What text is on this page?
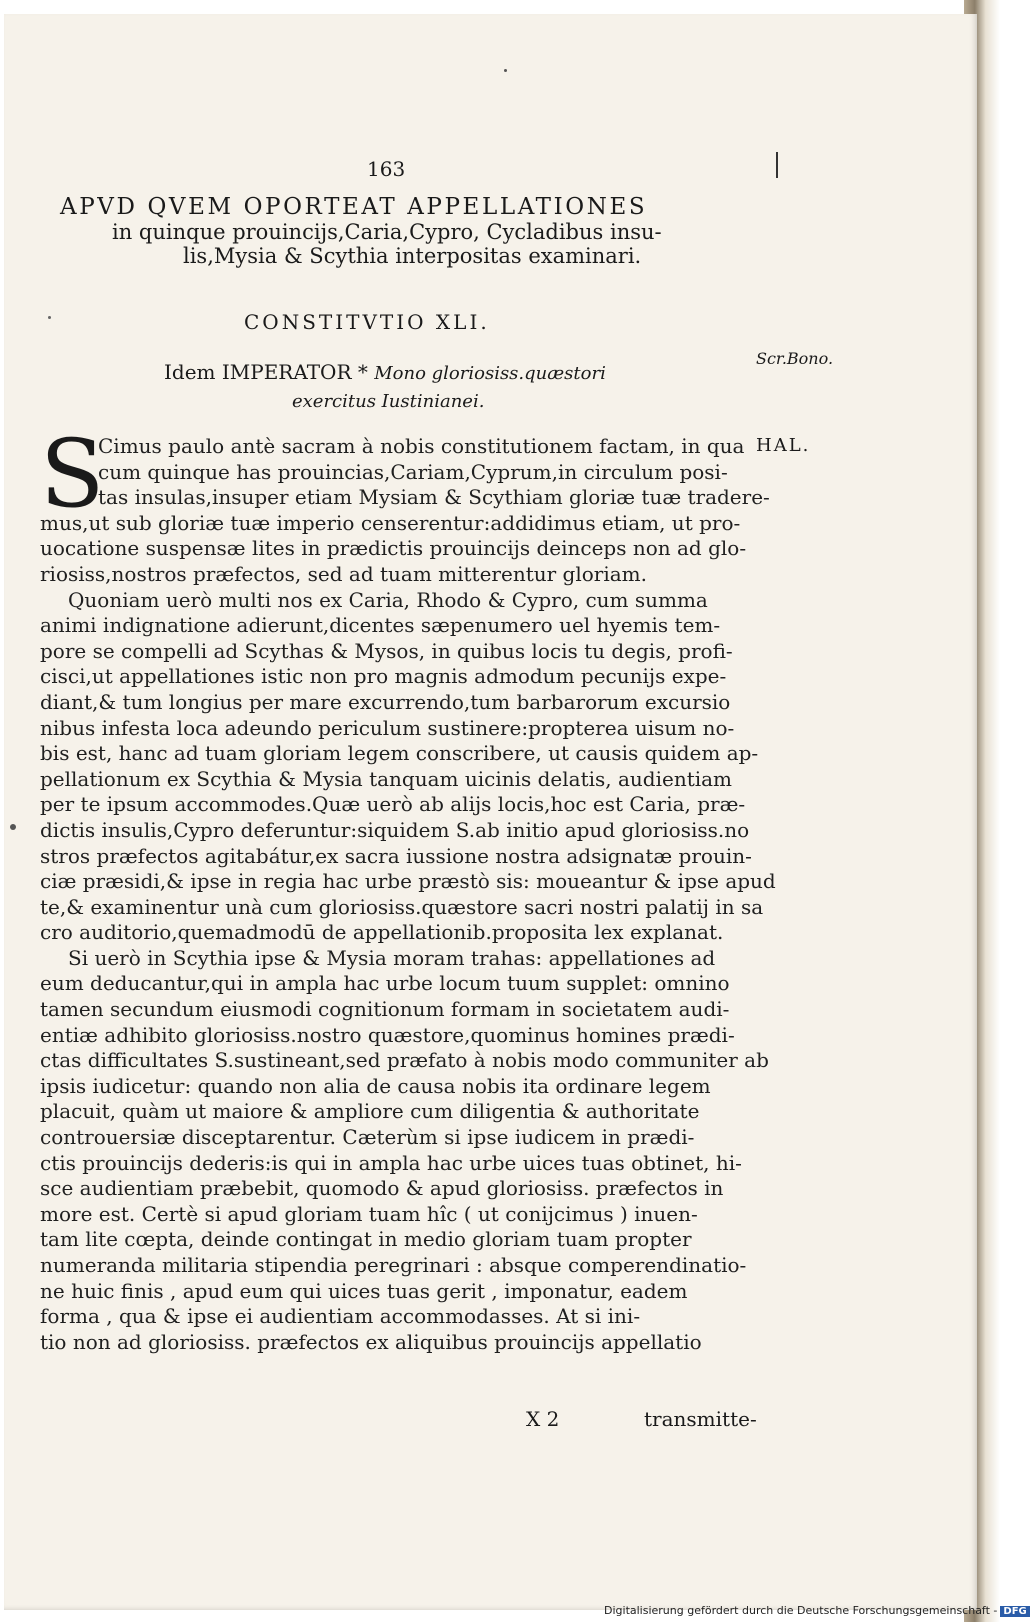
163
APVD QVEM OPORTEAT APPELLATIONES
in quinque prouincijs,Caria,Cypro, Cycladibus insu-
lis,Mysia & Scythia interpositas examinari.
CONSTITVTIO XLI.
Idem IMPERATOR * Mono gloriosiss.quæstori
exercitus Iustinianei.
Scr.Bono.
HAL.
S
Cimus paulo antè sacram à nobis constitutionem factam, in qua
cum quinque has prouincias,Cariam,Cyprum,in circulum posi-
tas insulas,insuper etiam Mysiam & Scythiam gloriæ tuæ tradere-
mus,ut sub gloriæ tuæ imperio censerentur:addidimus etiam, ut pro-
uocatione suspensæ lites in prædictis prouincijs deinceps non ad glo-
riosiss,nostros præfectos, sed ad tuam mitterentur gloriam.
Quoniam uerò multi nos ex Caria, Rhodo & Cypro, cum summa
animi indignatione adierunt,dicentes sæpenumero uel hyemis tem-
pore se compelli ad Scythas & Mysos, in quibus locis tu degis, profi-
cisci,ut appellationes istic non pro magnis admodum pecunijs expe-
diant,& tum longius per mare excurrendo,tum barbarorum excursio
nibus infesta loca adeundo periculum sustinere:propterea uisum no-
bis est, hanc ad tuam gloriam legem conscribere, ut causis quidem ap-
pellationum ex Scythia & Mysia tanquam uicinis delatis, audientiam
per te ipsum accommodes.Quæ uerò ab alijs locis,hoc est Caria, præ-
dictis insulis,Cypro deferuntur:siquidem S.ab initio apud gloriosiss.no
stros præfectos agitabátur,ex sacra iussione nostra adsignatæ prouin-
ciæ præsidi,& ipse in regia hac urbe præstò sis: moueantur & ipse apud
te,& examinentur unà cum gloriosiss.quæstore sacri nostri palatij in sa
cro auditorio,quemadmodū de appellationib.proposita lex explanat.
Si uerò in Scythia ipse & Mysia moram trahas: appellationes ad
eum deducantur,qui in ampla hac urbe locum tuum supplet: omnino
tamen secundum eiusmodi cognitionum formam in societatem audi-
entiæ adhibito gloriosiss.nostro quæstore,quominus homines prædi-
ctas difficultates S.sustineant,sed præfato à nobis modo communiter ab
ipsis iudicetur: quando non alia de causa nobis ita ordinare legem
placuit, quàm ut maiore & ampliore cum diligentia & authoritate
controuersiæ disceptarentur. Cæterùm si ipse iudicem in prædi-
ctis prouincijs dederis:is qui in ampla hac urbe uices tuas obtinet, hi-
sce audientiam præbebit, quomodo & apud gloriosiss. præfectos in
more est. Certè si apud gloriam tuam hîc ( ut conijcimus ) inuen-
tam lite cœpta, deinde contingat in medio gloriam tuam propter
numeranda militaria stipendia peregrinari : absque comperendinatio-
ne huic finis , apud eum qui uices tuas gerit , imponatur, eadem
forma , qua & ipse ei audientiam accommodasses. At si ini-
tio non ad gloriosiss. præfectos ex aliquibus prouincijs appellatio
X 2	transmitte-
Digitalisierung gefördert durch die Deutsche Forschungsgemeinschaft - DFG
